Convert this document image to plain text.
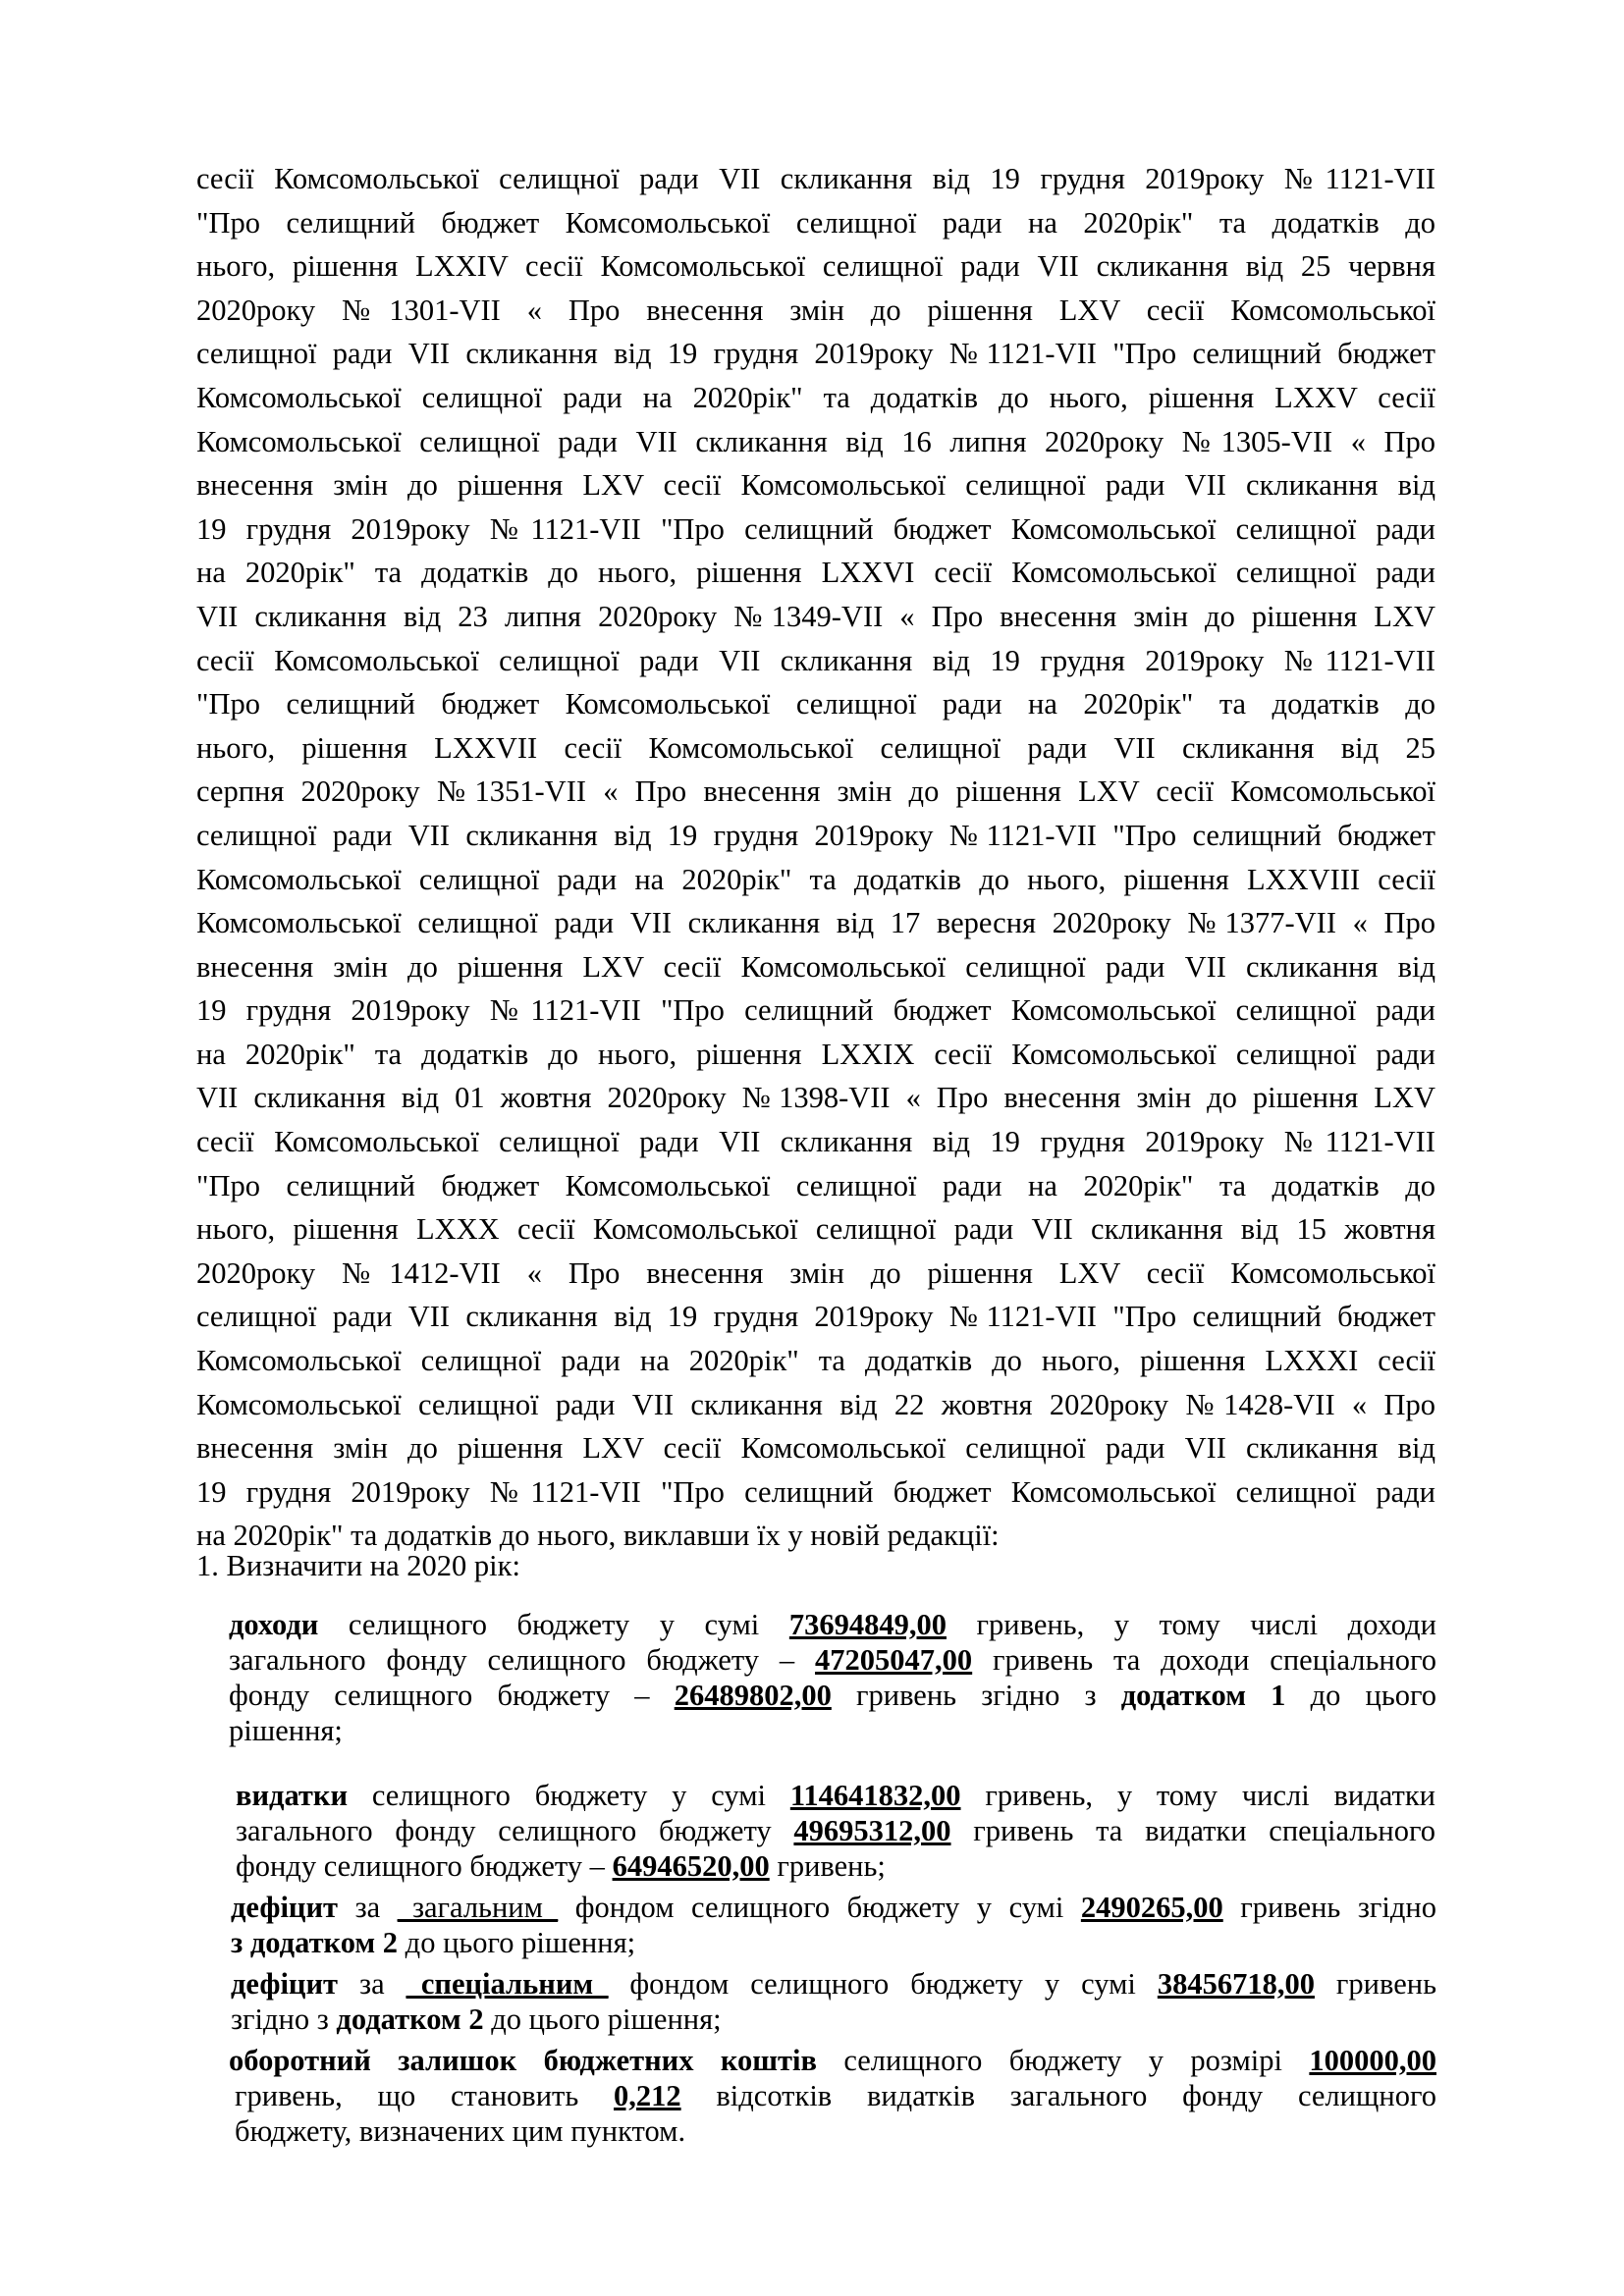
сесії Комсомольської селищної ради VII скликання від 19 грудня 2019року №1121-VII
"Про селищний бюджет Комсомольської селищної ради на 2020рік" та додатків до
нього, рішення LXXIV сесії Комсомольської селищної ради VII скликання від 25 червня
2020року №1301-VII « Про внесення змін до рішення LXV сесії Комсомольської
селищної ради VII скликання від 19 грудня 2019року №1121-VII "Про селищний бюджет
Комсомольської селищної ради на 2020рік" та додатків до нього, рішення LXXV сесії
Комсомольської селищної ради VII скликання від 16 липня 2020року №1305-VII « Про
внесення змін до рішення LXV сесії Комсомольської селищної ради VII скликання від
19 грудня 2019року №1121-VII "Про селищний бюджет Комсомольської селищної ради
на 2020рік" та додатків до нього, рішення LXXVI сесії Комсомольської селищної ради
VII скликання від 23 липня 2020року №1349-VII « Про внесення змін до рішення LXV
сесії Комсомольської селищної ради VII скликання від 19 грудня 2019року №1121-VII
"Про селищний бюджет Комсомольської селищної ради на 2020рік" та додатків до
нього, рішення LXXVII сесії Комсомольської селищної ради VII скликання від 25
серпня 2020року №1351-VII « Про внесення змін до рішення LXV сесії Комсомольської
селищної ради VII скликання від 19 грудня 2019року №1121-VII "Про селищний бюджет
Комсомольської селищної ради на 2020рік" та додатків до нього, рішення LXXVIII сесії
Комсомольської селищної ради VII скликання від 17 вересня 2020року №1377-VII « Про
внесення змін до рішення LXV сесії Комсомольської селищної ради VII скликання від
19 грудня 2019року №1121-VII "Про селищний бюджет Комсомольської селищної ради
на 2020рік" та додатків до нього, рішення LXXIX сесії Комсомольської селищної ради
VII скликання від 01 жовтня 2020року №1398-VII « Про внесення змін до рішення LXV
сесії Комсомольської селищної ради VII скликання від 19 грудня 2019року №1121-VII
"Про селищний бюджет Комсомольської селищної ради на 2020рік" та додатків до
нього, рішення LXXX сесії Комсомольської селищної ради VII скликання від 15 жовтня
2020року №1412-VII « Про внесення змін до рішення LXV сесії Комсомольської
селищної ради VII скликання від 19 грудня 2019року №1121-VII "Про селищний бюджет
Комсомольської селищної ради на 2020рік" та додатків до нього, рішення LXXXI сесії
Комсомольської селищної ради VII скликання від 22 жовтня 2020року №1428-VII « Про
внесення змін до рішення LXV сесії Комсомольської селищної ради VII скликання від
19 грудня 2019року №1121-VII "Про селищний бюджет Комсомольської селищної ради
на 2020рік" та додатків до нього, виклавши їх у новій редакції:
1. Визначити на 2020 рік:
доходи селищного бюджету у сумі 73694849,00 гривень, у тому числі доходи
загального фонду селищного бюджету – 47205047,00 гривень та доходи спеціального
фонду селищного бюджету – 26489802,00 гривень згідно з додатком 1 до цього
рішення;
видатки селищного бюджету у сумі 114641832,00 гривень, у тому числі видатки
загального фонду селищного бюджету 49695312,00 гривень та видатки спеціального
фонду селищного бюджету – 64946520,00 гривень;
дефіцит за _загальним_ фондом селищного бюджету у сумі 2490265,00 гривень згідно
з додатком 2 до цього рішення;
дефіцит за _спеціальним_ фондом селищного бюджету у сумі 38456718,00 гривень
згідно з додатком 2 до цього рішення;
оборотний залишок бюджетних коштів селищного бюджету у розмірі 100000,00
гривень, що становить 0,212 відсотків видатків загального фонду селищного
бюджету, визначених цим пунктом.
